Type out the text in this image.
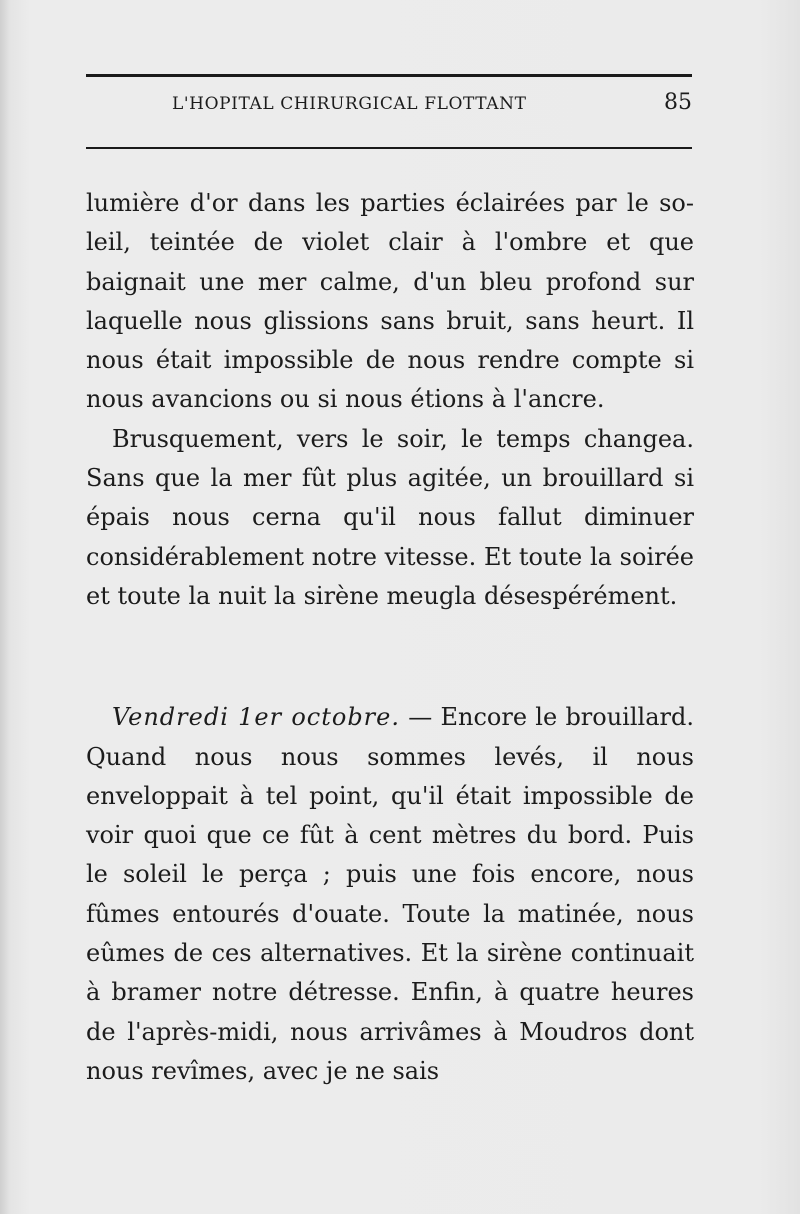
L'HOPITAL CHIRURGICAL FLOTTANT	85

lumière d'or dans les parties éclairées par le so-leil, teintée de violet clair à l'ombre et que baignait une mer calme, d'un bleu profond sur laquelle nous glissions sans bruit, sans heurt. Il nous était impossible de nous rendre compte si nous avancions ou si nous étions à l'ancre.

Brusquement, vers le soir, le temps changea. Sans que la mer fût plus agitée, un brouillard si épais nous cerna qu'il nous fallut diminuer considérablement notre vitesse. Et toute la soirée et toute la nuit la sirène meugla désespérément.

Vendredi 1er octobre. — Encore le brouillard. Quand nous nous sommes levés, il nous enveloppait à tel point, qu'il était impossible de voir quoi que ce fût à cent mètres du bord. Puis le soleil le perça ; puis une fois encore, nous fûmes entourés d'ouate. Toute la matinée, nous eûmes de ces alternatives. Et la sirène continuait à bramer notre détresse. Enfin, à quatre heures de l'après-midi, nous arrivâmes à Moudros dont nous revîmes, avec je ne sais
